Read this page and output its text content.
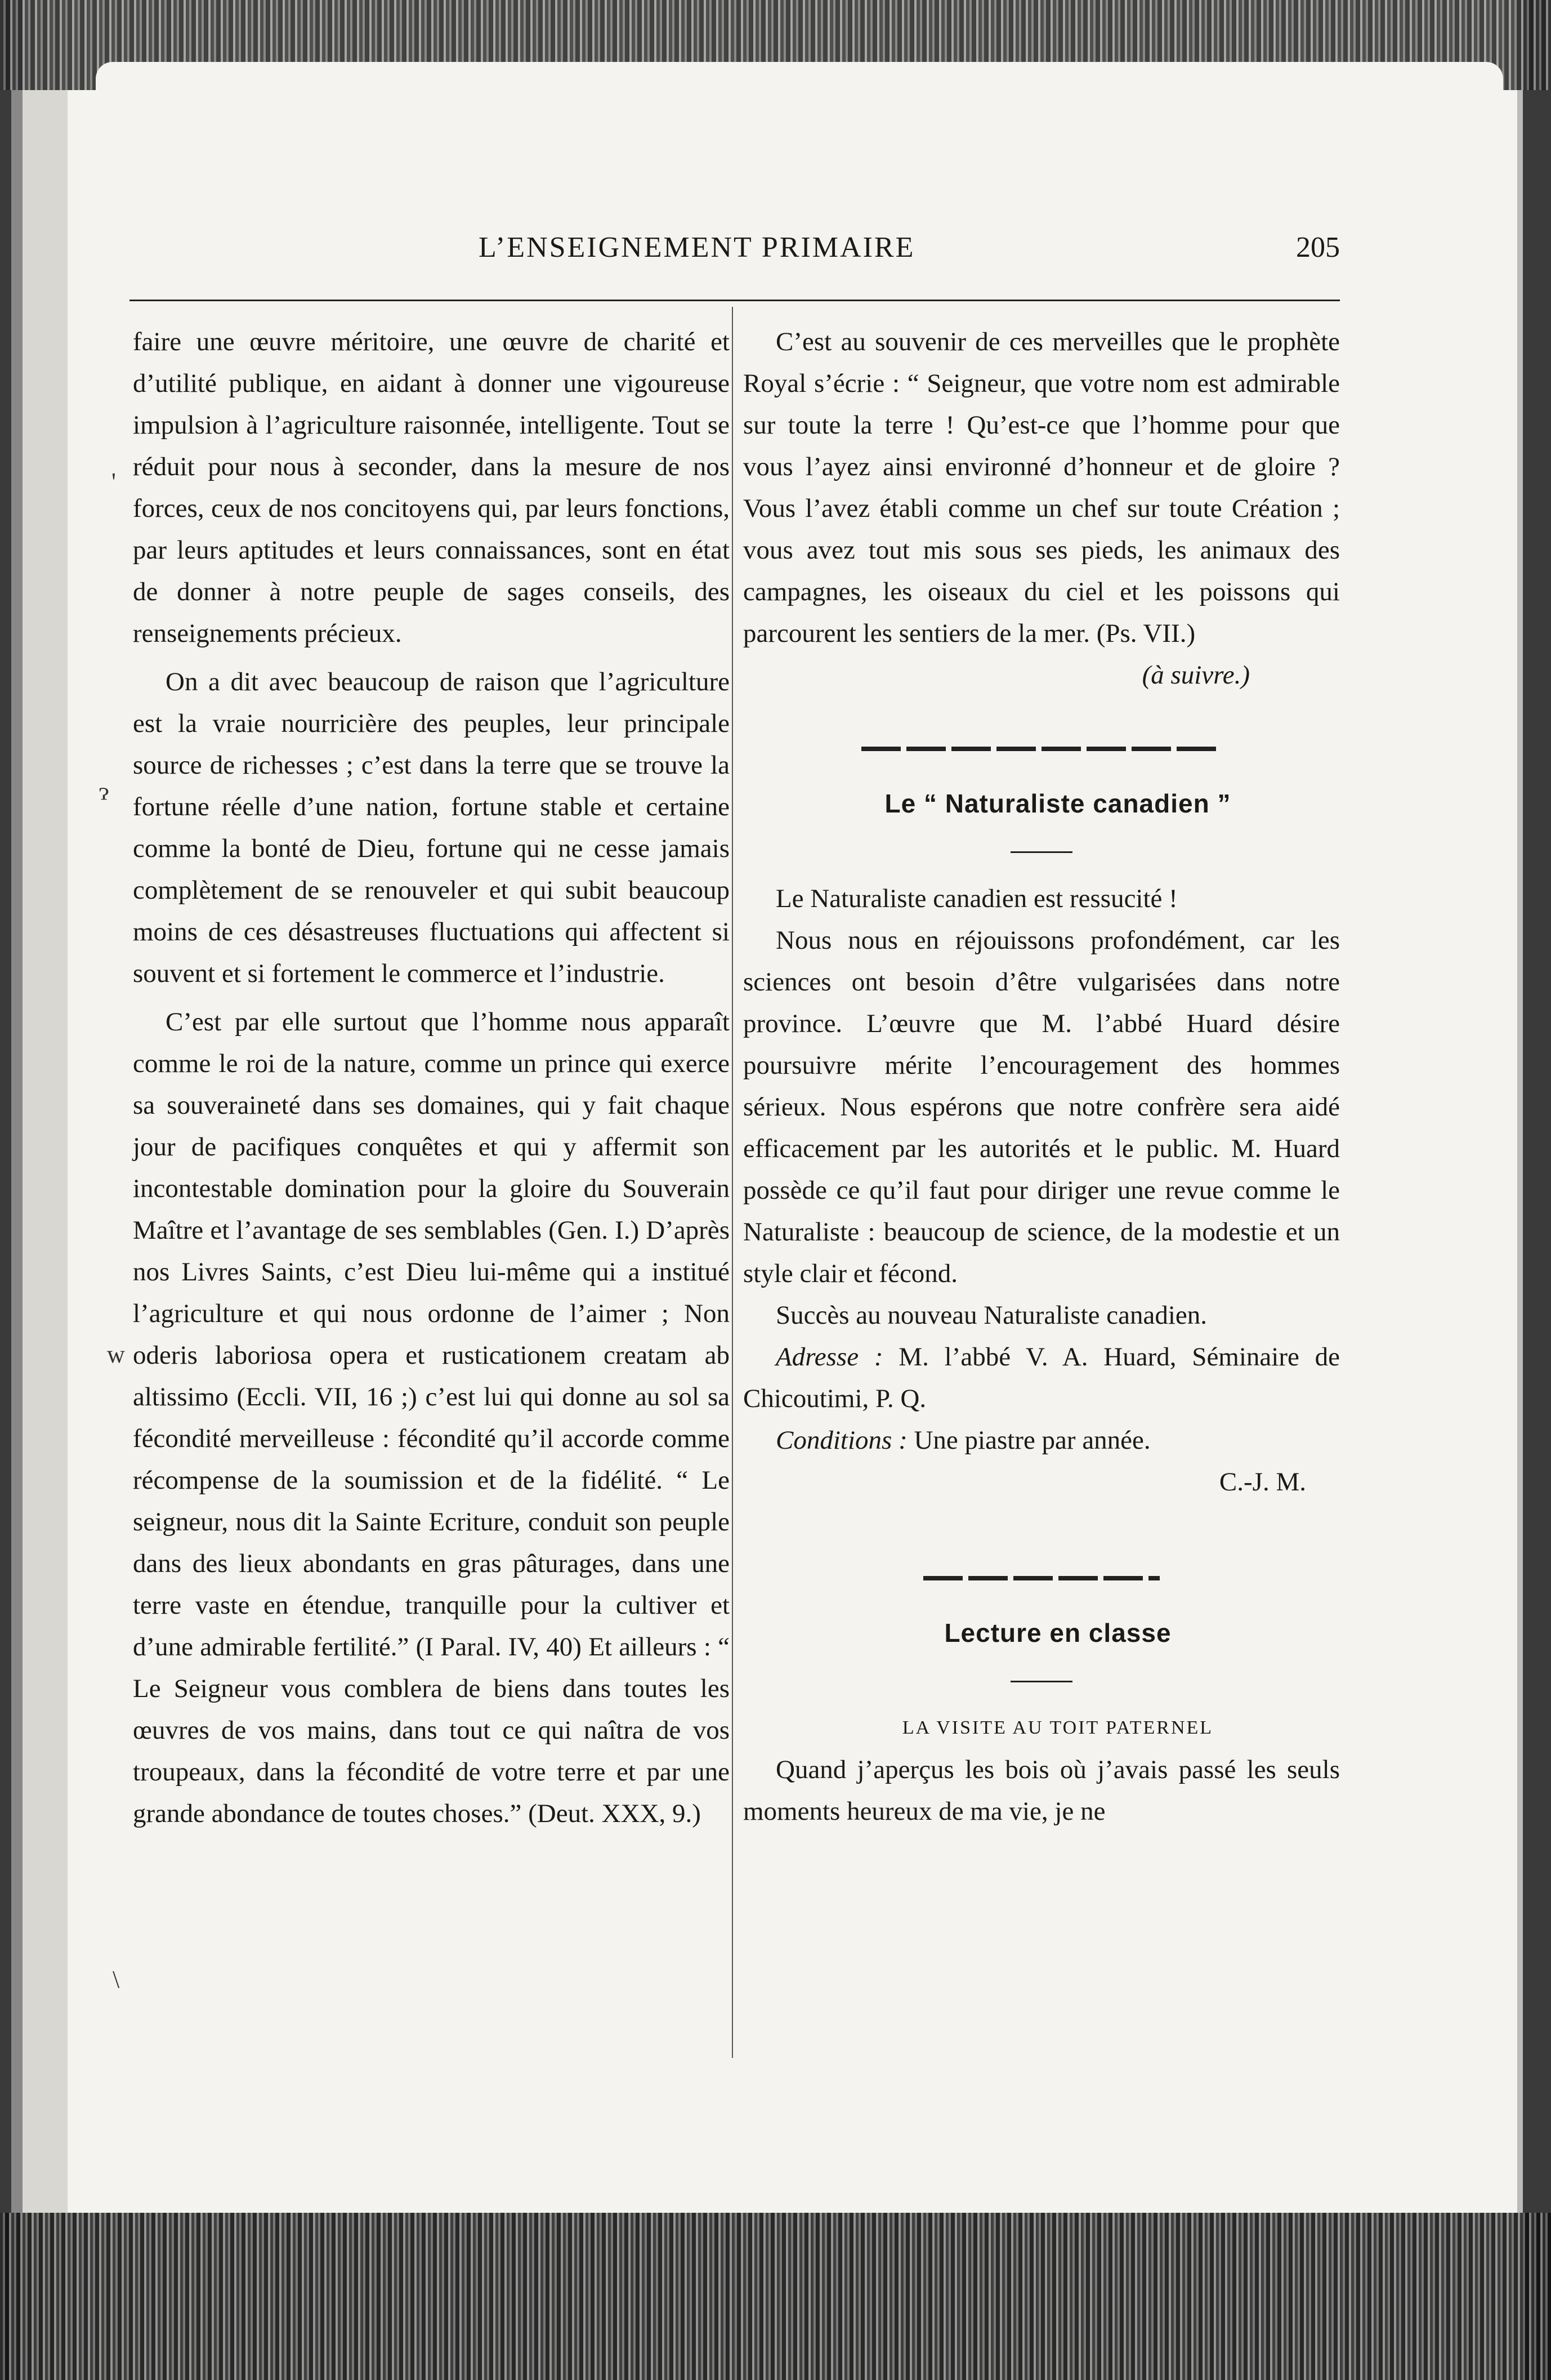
L’ENSEIGNEMENT PRIMAIRE	205
'
ɂ
w
\

faire une œuvre méritoire, une œuvre de charité et d’utilité publique, en aidant à donner une vigoureuse impulsion à l’agriculture raisonnée, intelligente. Tout se réduit pour nous à seconder, dans la mesure de nos forces, ceux de nos concitoyens qui, par leurs fonctions, par leurs aptitudes et leurs connaissances, sont en état de donner à notre peuple de sages conseils, des renseignements précieux.

On a dit avec beaucoup de raison que l’agriculture est la vraie nourricière des peuples, leur principale source de richesses ; c’est dans la terre que se trouve la fortune réelle d’une nation, fortune stable et certaine comme la bonté de Dieu, fortune qui ne cesse jamais complètement de se renouveler et qui subit beaucoup moins de ces désastreuses fluctuations qui affectent si souvent et si fortement le commerce et l’industrie.

C’est par elle surtout que l’homme nous apparaît comme le roi de la nature, comme un prince qui exerce sa souveraineté dans ses domaines, qui y fait chaque jour de pacifiques conquêtes et qui y affermit son incontestable domination pour la gloire du Souverain Maître et l’avantage de ses semblables (Gen. I.) D’après nos Livres Saints, c’est Dieu lui-même qui a institué l’agriculture et qui nous ordonne de l’aimer ; Non oderis laboriosa opera et rusticationem creatam ab altissimo (Eccli. VII, 16 ;) c’est lui qui donne au sol sa fécondité merveilleuse : fécondité qu’il accorde comme récompense de la soumission et de la fidélité. “ Le seigneur, nous dit la Sainte Ecriture, conduit son peuple dans des lieux abondants en gras pâturages, dans une terre vaste en étendue, tranquille pour la cultiver et d’une admirable fertilité.” (I Paral. IV, 40) Et ailleurs : “ Le Seigneur vous comblera de biens dans toutes les œuvres de vos mains, dans tout ce qui naîtra de vos troupeaux, dans la fécondité de votre terre et par une grande abondance de toutes choses.” (Deut. XXX, 9.)

C’est au souvenir de ces merveilles que le prophète Royal s’écrie : “ Seigneur, que votre nom est admirable sur toute la terre ! Qu’est-ce que l’homme pour que vous l’ayez ainsi environné d’honneur et de gloire ? Vous l’avez établi comme un chef sur toute Création ; vous avez tout mis sous ses pieds, les animaux des campagnes, les oiseaux du ciel et les poissons qui parcourent les sentiers de la mer. (Ps. VII.)

(à suivre.)

Le “ Naturaliste canadien ”

Le Naturaliste canadien est ressucité !

Nous nous en réjouissons profondément, car les sciences ont besoin d’être vulgarisées dans notre province. L’œuvre que M. l’abbé Huard désire poursuivre mérite l’encouragement des hommes sérieux. Nous espérons que notre confrère sera aidé efficacement par les autorités et le public. M. Huard possède ce qu’il faut pour diriger une revue comme le Naturaliste : beaucoup de science, de la modestie et un style clair et fécond.

Succès au nouveau Naturaliste canadien.

Adresse : M. l’abbé V. A. Huard, Séminaire de Chicoutimi, P. Q.

Conditions : Une piastre par année.

C.-J. M.

Lecture en classe

LA VISITE AU TOIT PATERNEL

Quand j’aperçus les bois où j’avais passé les seuls moments heureux de ma vie, je ne
